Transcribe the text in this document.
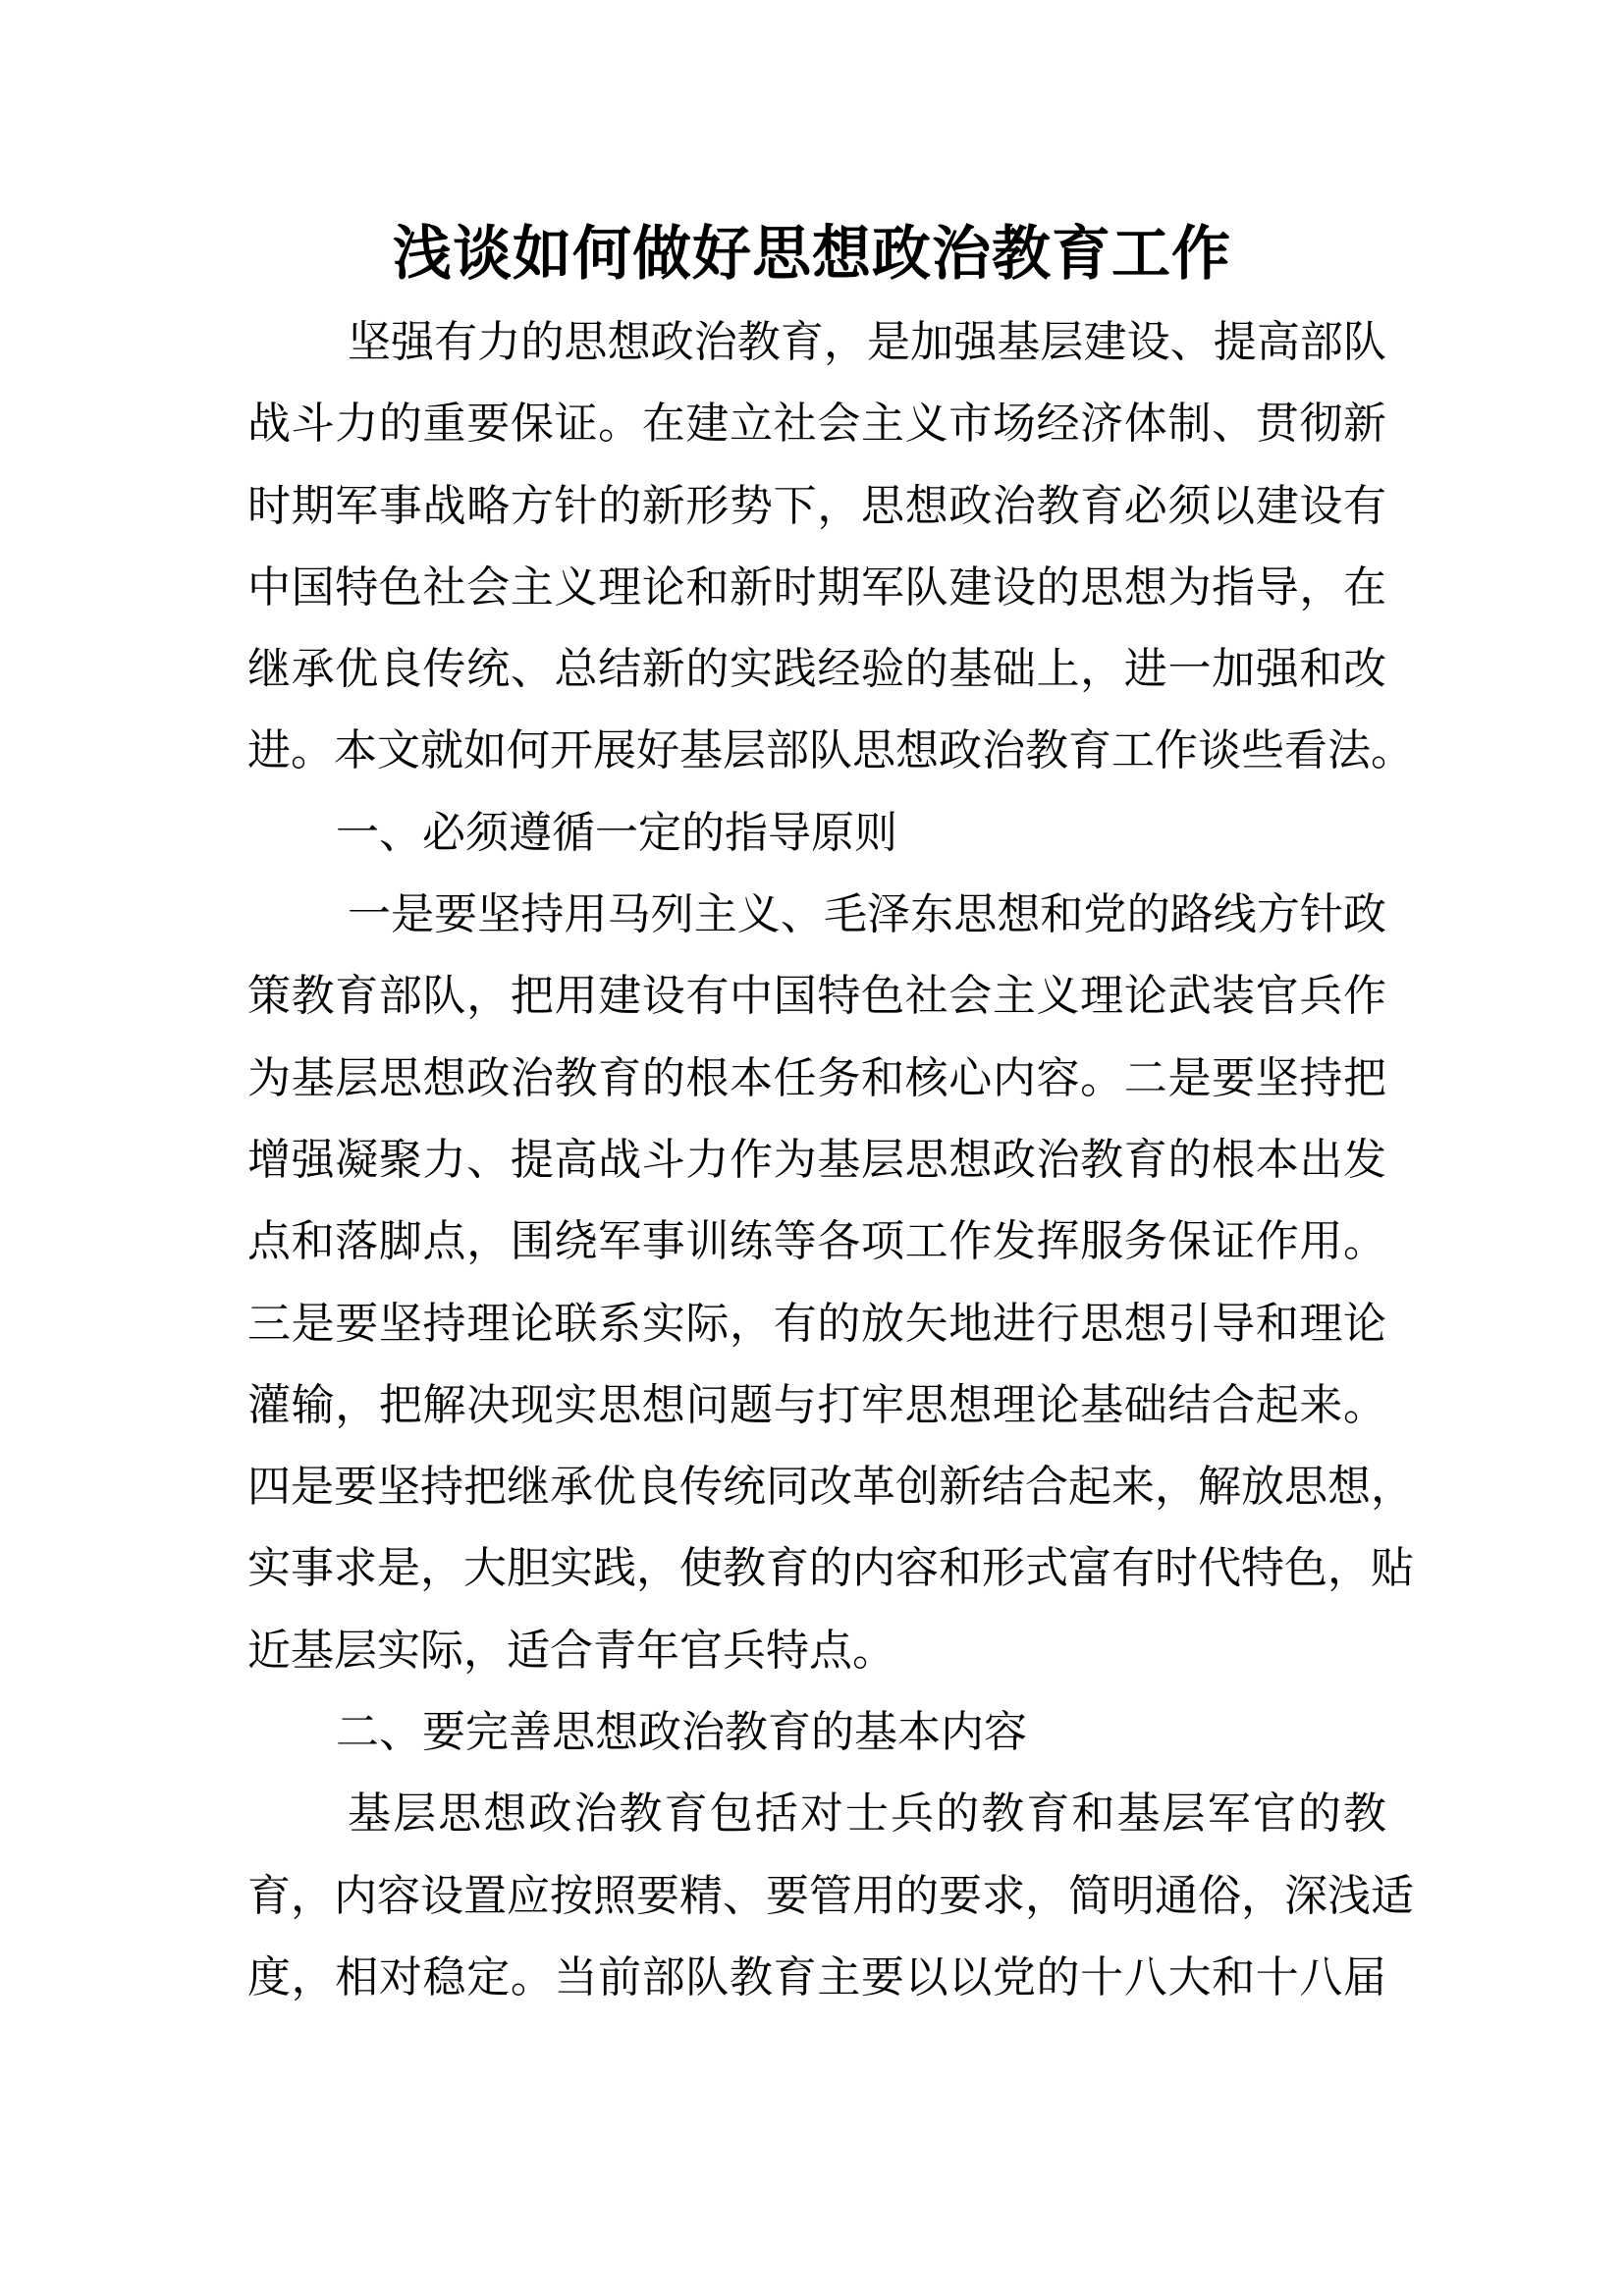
浅谈如何做好思想政治教育工作
坚强有力的思想政治教育，是加强基层建设、提高部队
战斗力的重要保证。在建立社会主义市场经济体制、贯彻新
时期军事战略方针的新形势下，思想政治教育必须以建设有
中国特色社会主义理论和新时期军队建设的思想为指导，在
继承优良传统、总结新的实践经验的基础上，进一加强和改
进。本文就如何开展好基层部队思想政治教育工作谈些看法。
一、必须遵循一定的指导原则
一是要坚持用马列主义、毛泽东思想和党的路线方针政
策教育部队，把用建设有中国特色社会主义理论武装官兵作
为基层思想政治教育的根本任务和核心内容。二是要坚持把
增强凝聚力、提高战斗力作为基层思想政治教育的根本出发
点和落脚点，围绕军事训练等各项工作发挥服务保证作用。
三是要坚持理论联系实际，有的放矢地进行思想引导和理论
灌输，把解决现实思想问题与打牢思想理论基础结合起来。
四是要坚持把继承优良传统同改革创新结合起来，解放思想，
实事求是，大胆实践，使教育的内容和形式富有时代特色，贴
近基层实际，适合青年官兵特点。
二、要完善思想政治教育的基本内容
基层思想政治教育包括对士兵的教育和基层军官的教
育，内容设置应按照要精、要管用的要求，简明通俗，深浅适
度，相对稳定。当前部队教育主要以以党的十八大和十八届
